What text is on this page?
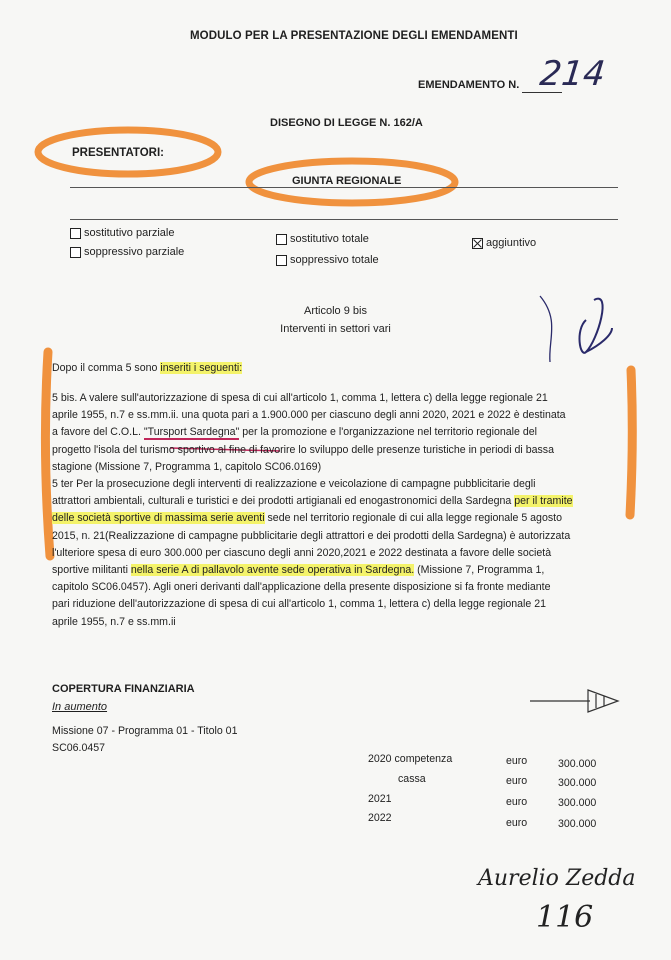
MODULO PER LA PRESENTAZIONE DEGLI EMENDAMENTI
EMENDAMENTO N. 214
DISEGNO DI LEGGE N. 162/A
PRESENTATORI:
GIUNTA REGIONALE
sostitutivo parziale
soppressivo parziale
sostitutivo totale
soppressivo totale
aggiuntivo
Articolo 9 bis
Interventi in settori vari

Dopo il comma 5 sono inseriti i seguenti:

5 bis. A valere sull'autorizzazione di spesa di cui all'articolo 1, comma 1, lettera c) della legge regionale 21

aprile 1955, n.7 e ss.mm.ii. una quota pari a 1.900.000 per ciascuno degli anni 2020, 2021 e 2022 è destinata

a favore del C.O.L. "Tursport Sardegna" per la promozione e l'organizzazione nel territorio regionale del

progetto l'isola del turismo sportivo al fine di favorire lo sviluppo delle presenze turistiche in periodi di bassa

stagione (Missione 7, Programma 1, capitolo SC06.0169)

5 ter Per la prosecuzione degli interventi di realizzazione e veicolazione di campagne pubblicitarie degli

attrattori ambientali, culturali e turistici e dei prodotti artigianali ed enogastronomici della Sardegna per il tramite

delle società sportive di massima serie aventi sede nel territorio regionale di cui alla legge regionale 5 agosto

2015, n. 21(Realizzazione di campagne pubblicitarie degli attrattori e dei prodotti della Sardegna) è autorizzata

l'ulteriore spesa di euro 300.000 per ciascuno degli anni 2020,2021 e 2022 destinata a favore delle società

sportive militanti nella serie A di pallavolo avente sede operativa in Sardegna. (Missione 7, Programma 1,

capitolo SC06.0457). Agli oneri derivanti dall'applicazione della presente disposizione si fa fronte mediante

pari riduzione dell'autorizzazione di spesa di cui all'articolo 1, comma 1, lettera c) della legge regionale 21

aprile 1955, n.7 e ss.mm.ii

COPERTURA FINANZIARIA
In aumento
Missione 07 - Programma 01 - Titolo 01
SC06.0457
2020 competenza	euro	300.000
cassa	euro	300.000
2021	euro	300.000
2022	euro	300.000
Aurelio Zedda
116
